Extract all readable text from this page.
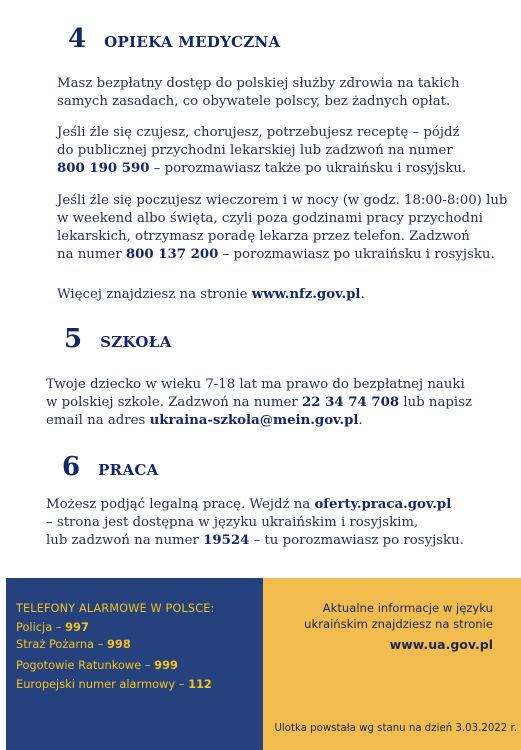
4 OPIEKA MEDYCZNA
Masz bezpłatny dostęp do polskiej służby zdrowia na takich
samych zasadach, co obywatele polscy, bez żadnych opłat.
Jeśli źle się czujesz, chorujesz, potrzebujesz receptę – pójdź
do publicznej przychodni lekarskiej lub zadzwoń na numer
800 190 590 – porozmawiasz także po ukraińsku i rosyjsku.
Jeśli źle się poczujesz wieczorem i w nocy (w godz. 18:00-8:00) lub
w weekend albo święta, czyli poza godzinami pracy przychodni
lekarskich, otrzymasz poradę lekarza przez telefon. Zadzwoń
na numer 800 137 200 – porozmawiasz po ukraińsku i rosyjsku.
Więcej znajdziesz na stronie www.nfz.gov.pl.
5 SZKOŁA
Twoje dziecko w wieku 7-18 lat ma prawo do bezpłatnej nauki
w polskiej szkole. Zadzwoń na numer 22 34 74 708 lub napisz
email na adres ukraina-szkola@mein.gov.pl.
6 PRACA
Możesz podjąć legalną pracę. Wejdź na oferty.praca.gov.pl
– strona jest dostępna w języku ukraińskim i rosyjskim,
lub zadzwoń na numer 19524 – tu porozmawiasz po rosyjsku.
TELEFONY ALARMOWE W POLSCE:
Policja – 997
Straż Pożarna – 998
Pogotowie Ratunkowe – 999
Europejski numer alarmowy – 112
Aktualne informacje w języku
ukraińskim znajdziesz na stronie
www.ua.gov.pl
Ulotka powstała wg stanu na dzień 3.03.2022 r.
